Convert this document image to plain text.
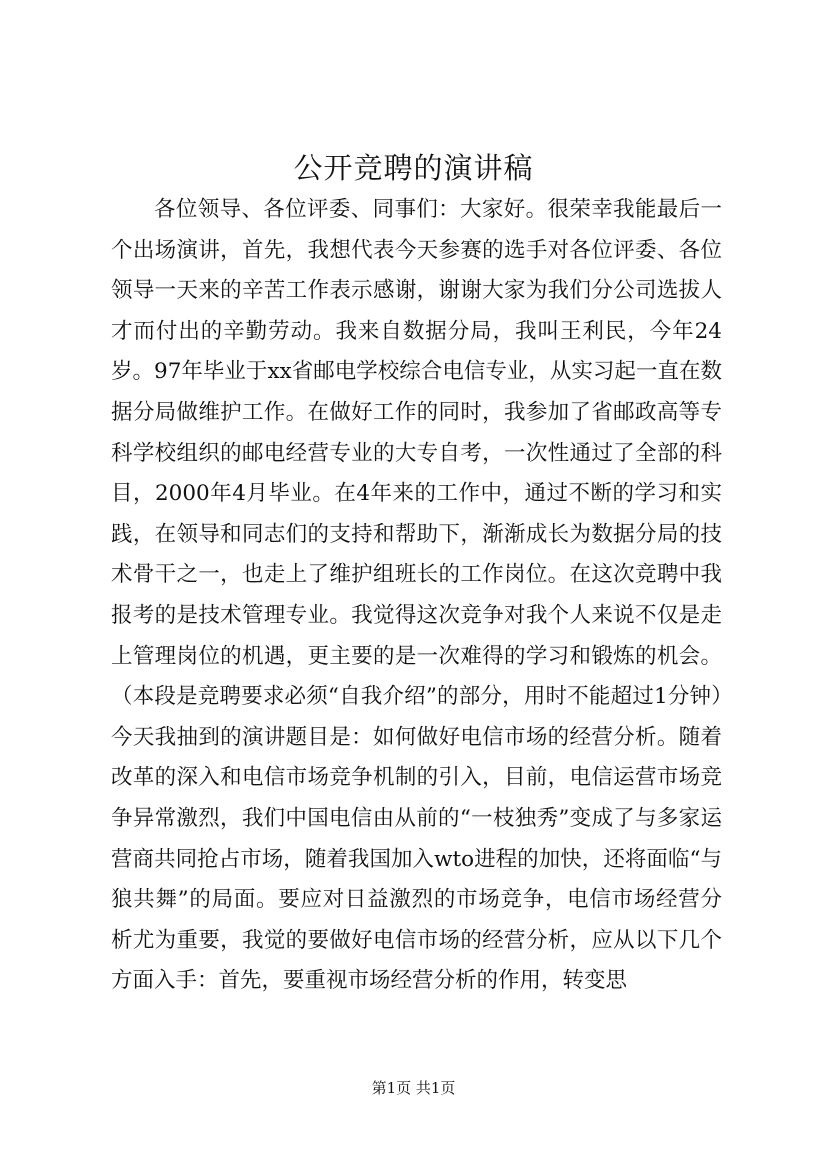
公开竞聘的演讲稿

各位领导、各位评委、同事们：大家好。很荣幸我能最后一个出场演讲，首先，我想代表今天参赛的选手对各位评委、各位领导一天来的辛苦工作表示感谢，谢谢大家为我们分公司选拔人才而付出的辛勤劳动。我来自数据分局，我叫王利民，今年24岁。97年毕业于xx省邮电学校综合电信专业，从实习起一直在数据分局做维护工作。在做好工作的同时，我参加了省邮政高等专科学校组织的邮电经营专业的大专自考，一次性通过了全部的科目，2000年4月毕业。在4年来的工作中，通过不断的学习和实践，在领导和同志们的支持和帮助下，渐渐成长为数据分局的技术骨干之一，也走上了维护组班长的工作岗位。在这次竞聘中我报考的是技术管理专业。我觉得这次竞争对我个人来说不仅是走上管理岗位的机遇，更主要的是一次难得的学习和锻炼的机会。（本段是竞聘要求必须“自我介绍”的部分，用时不能超过1分钟）今天我抽到的演讲题目是：如何做好电信市场的经营分析。随着改革的深入和电信市场竞争机制的引入，目前，电信运营市场竞争异常激烈，我们中国电信由从前的“一枝独秀”变成了与多家运营商共同抢占市场，随着我国加入wto进程的加快，还将面临“与狼共舞”的局面。要应对日益激烈的市场竞争，电信市场经营分析尤为重要，我觉的要做好电信市场的经营分析，应从以下几个方面入手：首先，要重视市场经营分析的作用，转变思

第1页 共1页
